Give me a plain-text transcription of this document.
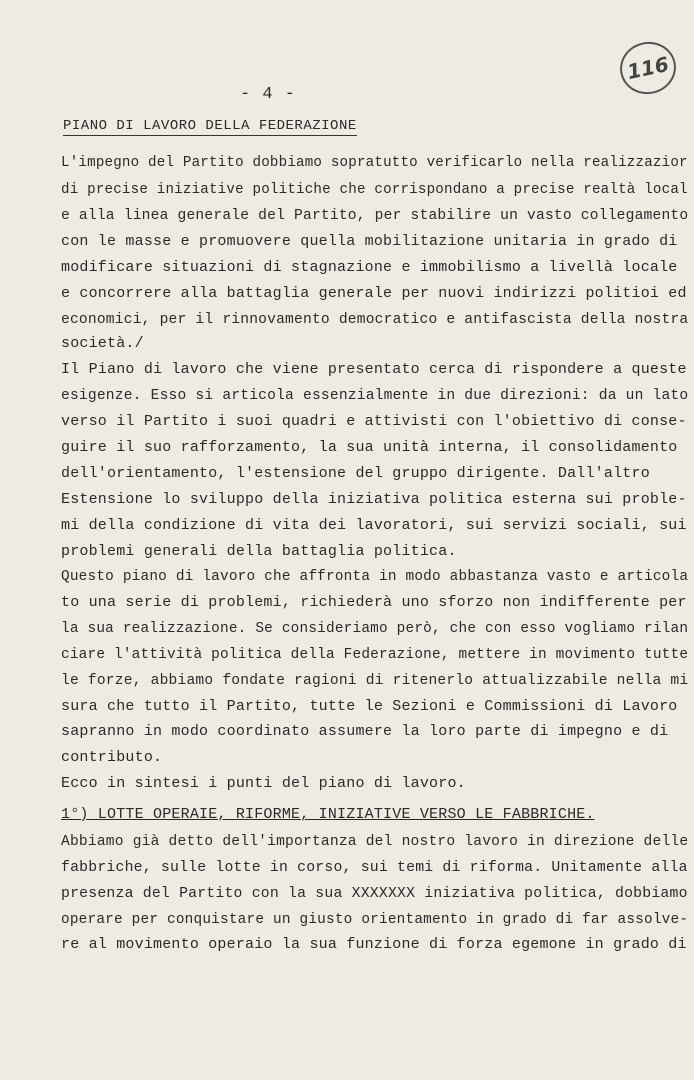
116
- 4 -
PIANO DI LAVORO DELLA FEDERAZIONE
L'impegno del Partito dobbiamo sopratutto verificarlo nella realizzazior
di precise iniziative politiche che corrispondano a precise realtà local
e alla linea generale del Partito, per stabilire un vasto collegamento
con le masse e promuovere quella mobilitazione unitaria in grado di
modificare situazioni di stagnazione e immobilismo a livellà locale
e concorrere alla battaglia generale per nuovi indirizzi politioi ed
economici, per il rinnovamento democratico e antifascista della nostra
società./
Il Piano di lavoro che viene presentato cerca di rispondere a queste
esigenze. Esso si articola essenzialmente in due direzioni: da un lato
verso il Partito i suoi quadri e attivisti con l'obiettivo di conse-
guire il suo rafforzamento, la sua unità interna, il consolidamento
dell'orientamento, l'estensione del gruppo dirigente. Dall'altro
Estensione lo sviluppo della iniziativa politica esterna sui proble-
mi della condizione di vita dei lavoratori, sui servizi sociali, sui
problemi generali della battaglia politica.
Questo piano di lavoro che affronta in modo abbastanza vasto e articola
to una serie di problemi, richiederà uno sforzo non indifferente per
la sua realizzazione. Se consideriamo però, che con esso vogliamo rilan
ciare l'attività politica della Federazione, mettere in movimento tutte
le forze, abbiamo fondate ragioni di ritenerlo attualizzabile nella mi
sura che tutto il Partito, tutte le Sezioni e Commissioni di Lavoro
sapranno in modo coordinato assumere la loro parte di impegno e di
contributo.
Ecco in sintesi i punti del piano di lavoro.
1°) LOTTE OPERAIE, RIFORME, INIZIATIVE VERSO LE FABBRICHE.
Abbiamo già detto dell'importanza del nostro lavoro in direzione delle
fabbriche, sulle lotte in corso, sui temi di riforma. Unitamente alla
presenza del Partito con la sua XXXXXXX iniziativa politica, dobbiamo
operare per conquistare un giusto orientamento in grado di far assolve-
re al movimento operaio la sua funzione di forza egemone in grado di
